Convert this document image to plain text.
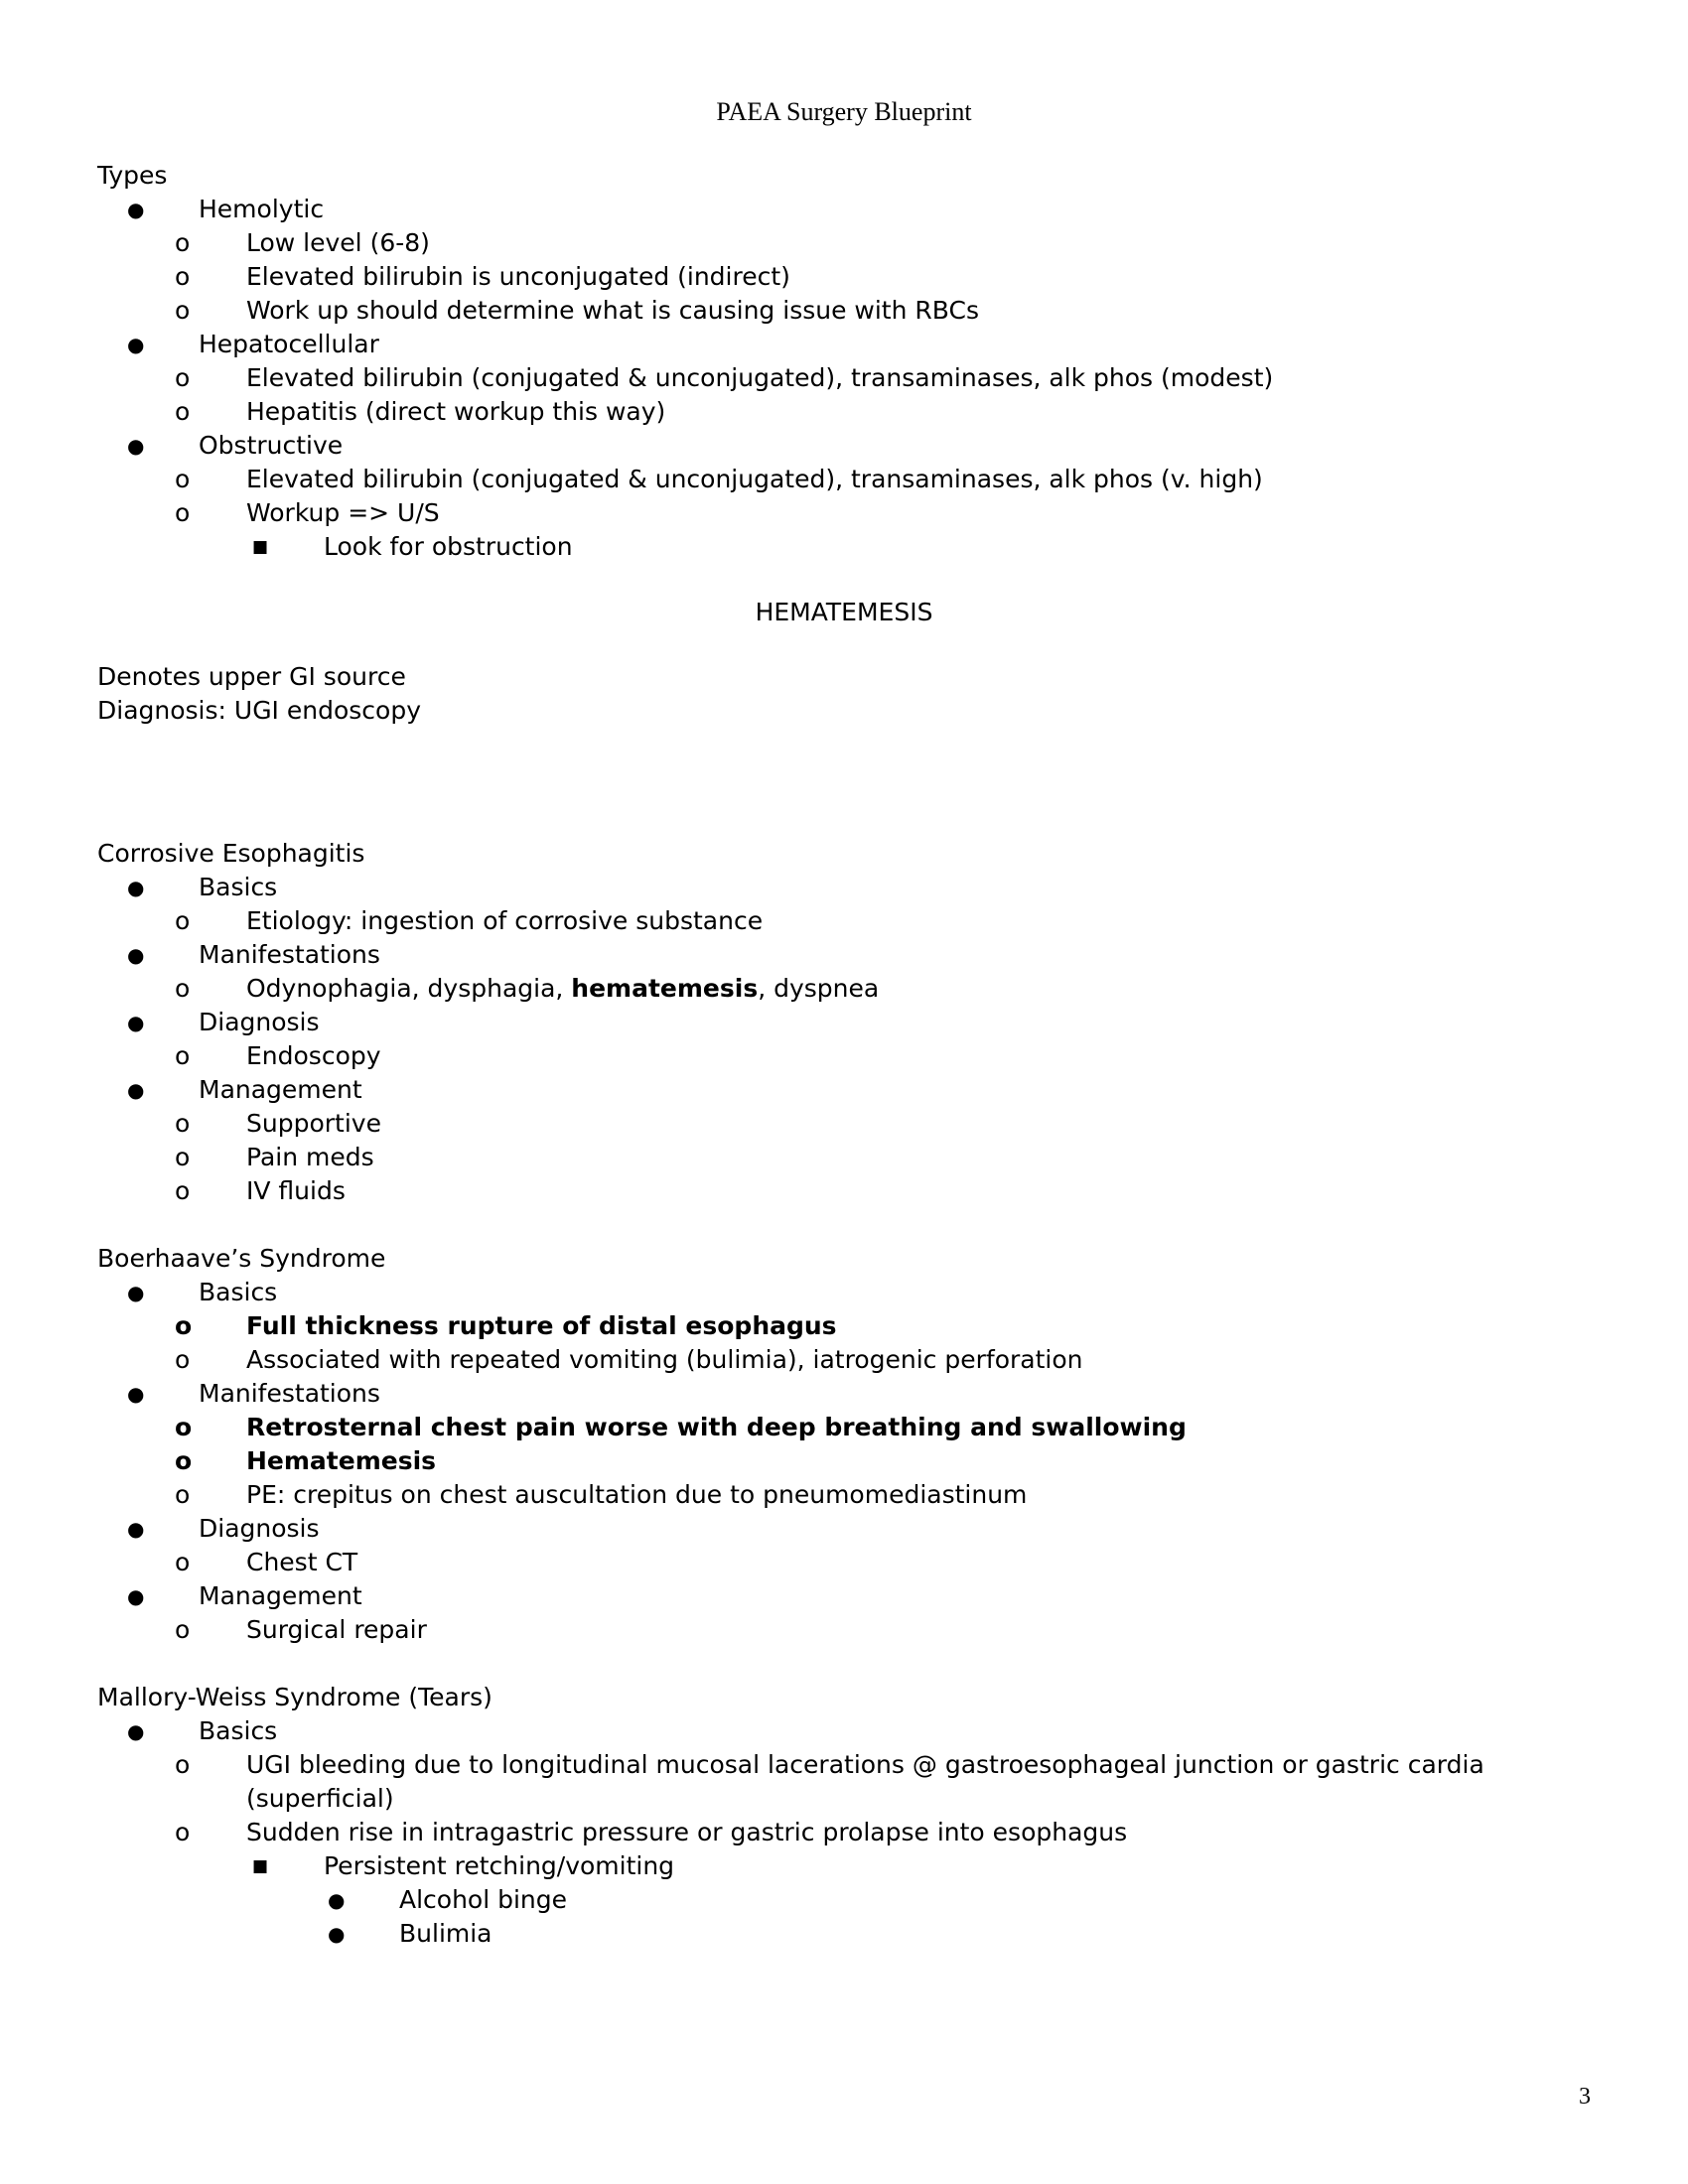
PAEA Surgery Blueprint
Types
●	Hemolytic
o	Low level (6-8)
o	Elevated bilirubin is unconjugated (indirect)
o	Work up should determine what is causing issue with RBCs
●	Hepatocellular
o	Elevated bilirubin (conjugated & unconjugated), transaminases, alk phos (modest)
o	Hepatitis (direct workup this way)
●	Obstructive
o	Elevated bilirubin (conjugated & unconjugated), transaminases, alk phos (v. high)
o	Workup => U/S
■	Look for obstruction
HEMATEMESIS
Denotes upper GI source
Diagnosis: UGI endoscopy
Corrosive Esophagitis
●	Basics
o	Etiology: ingestion of corrosive substance
●	Manifestations
o	Odynophagia, dysphagia, hematemesis, dyspnea
●	Diagnosis
o	Endoscopy
●	Management
o	Supportive
o	Pain meds
o	IV fluids
Boerhaave’s Syndrome
●	Basics
o	Full thickness rupture of distal esophagus
o	Associated with repeated vomiting (bulimia), iatrogenic perforation
●	Manifestations
o	Retrosternal chest pain worse with deep breathing and swallowing
o	Hematemesis
o	PE: crepitus on chest auscultation due to pneumomediastinum
●	Diagnosis
o	Chest CT
●	Management
o	Surgical repair
Mallory-Weiss Syndrome (Tears)
●	Basics
o	UGI bleeding due to longitudinal mucosal lacerations @ gastroesophageal junction or gastric cardia (superficial)
o	Sudden rise in intragastric pressure or gastric prolapse into esophagus
■	Persistent retching/vomiting
●	Alcohol binge
●	Bulimia
3
